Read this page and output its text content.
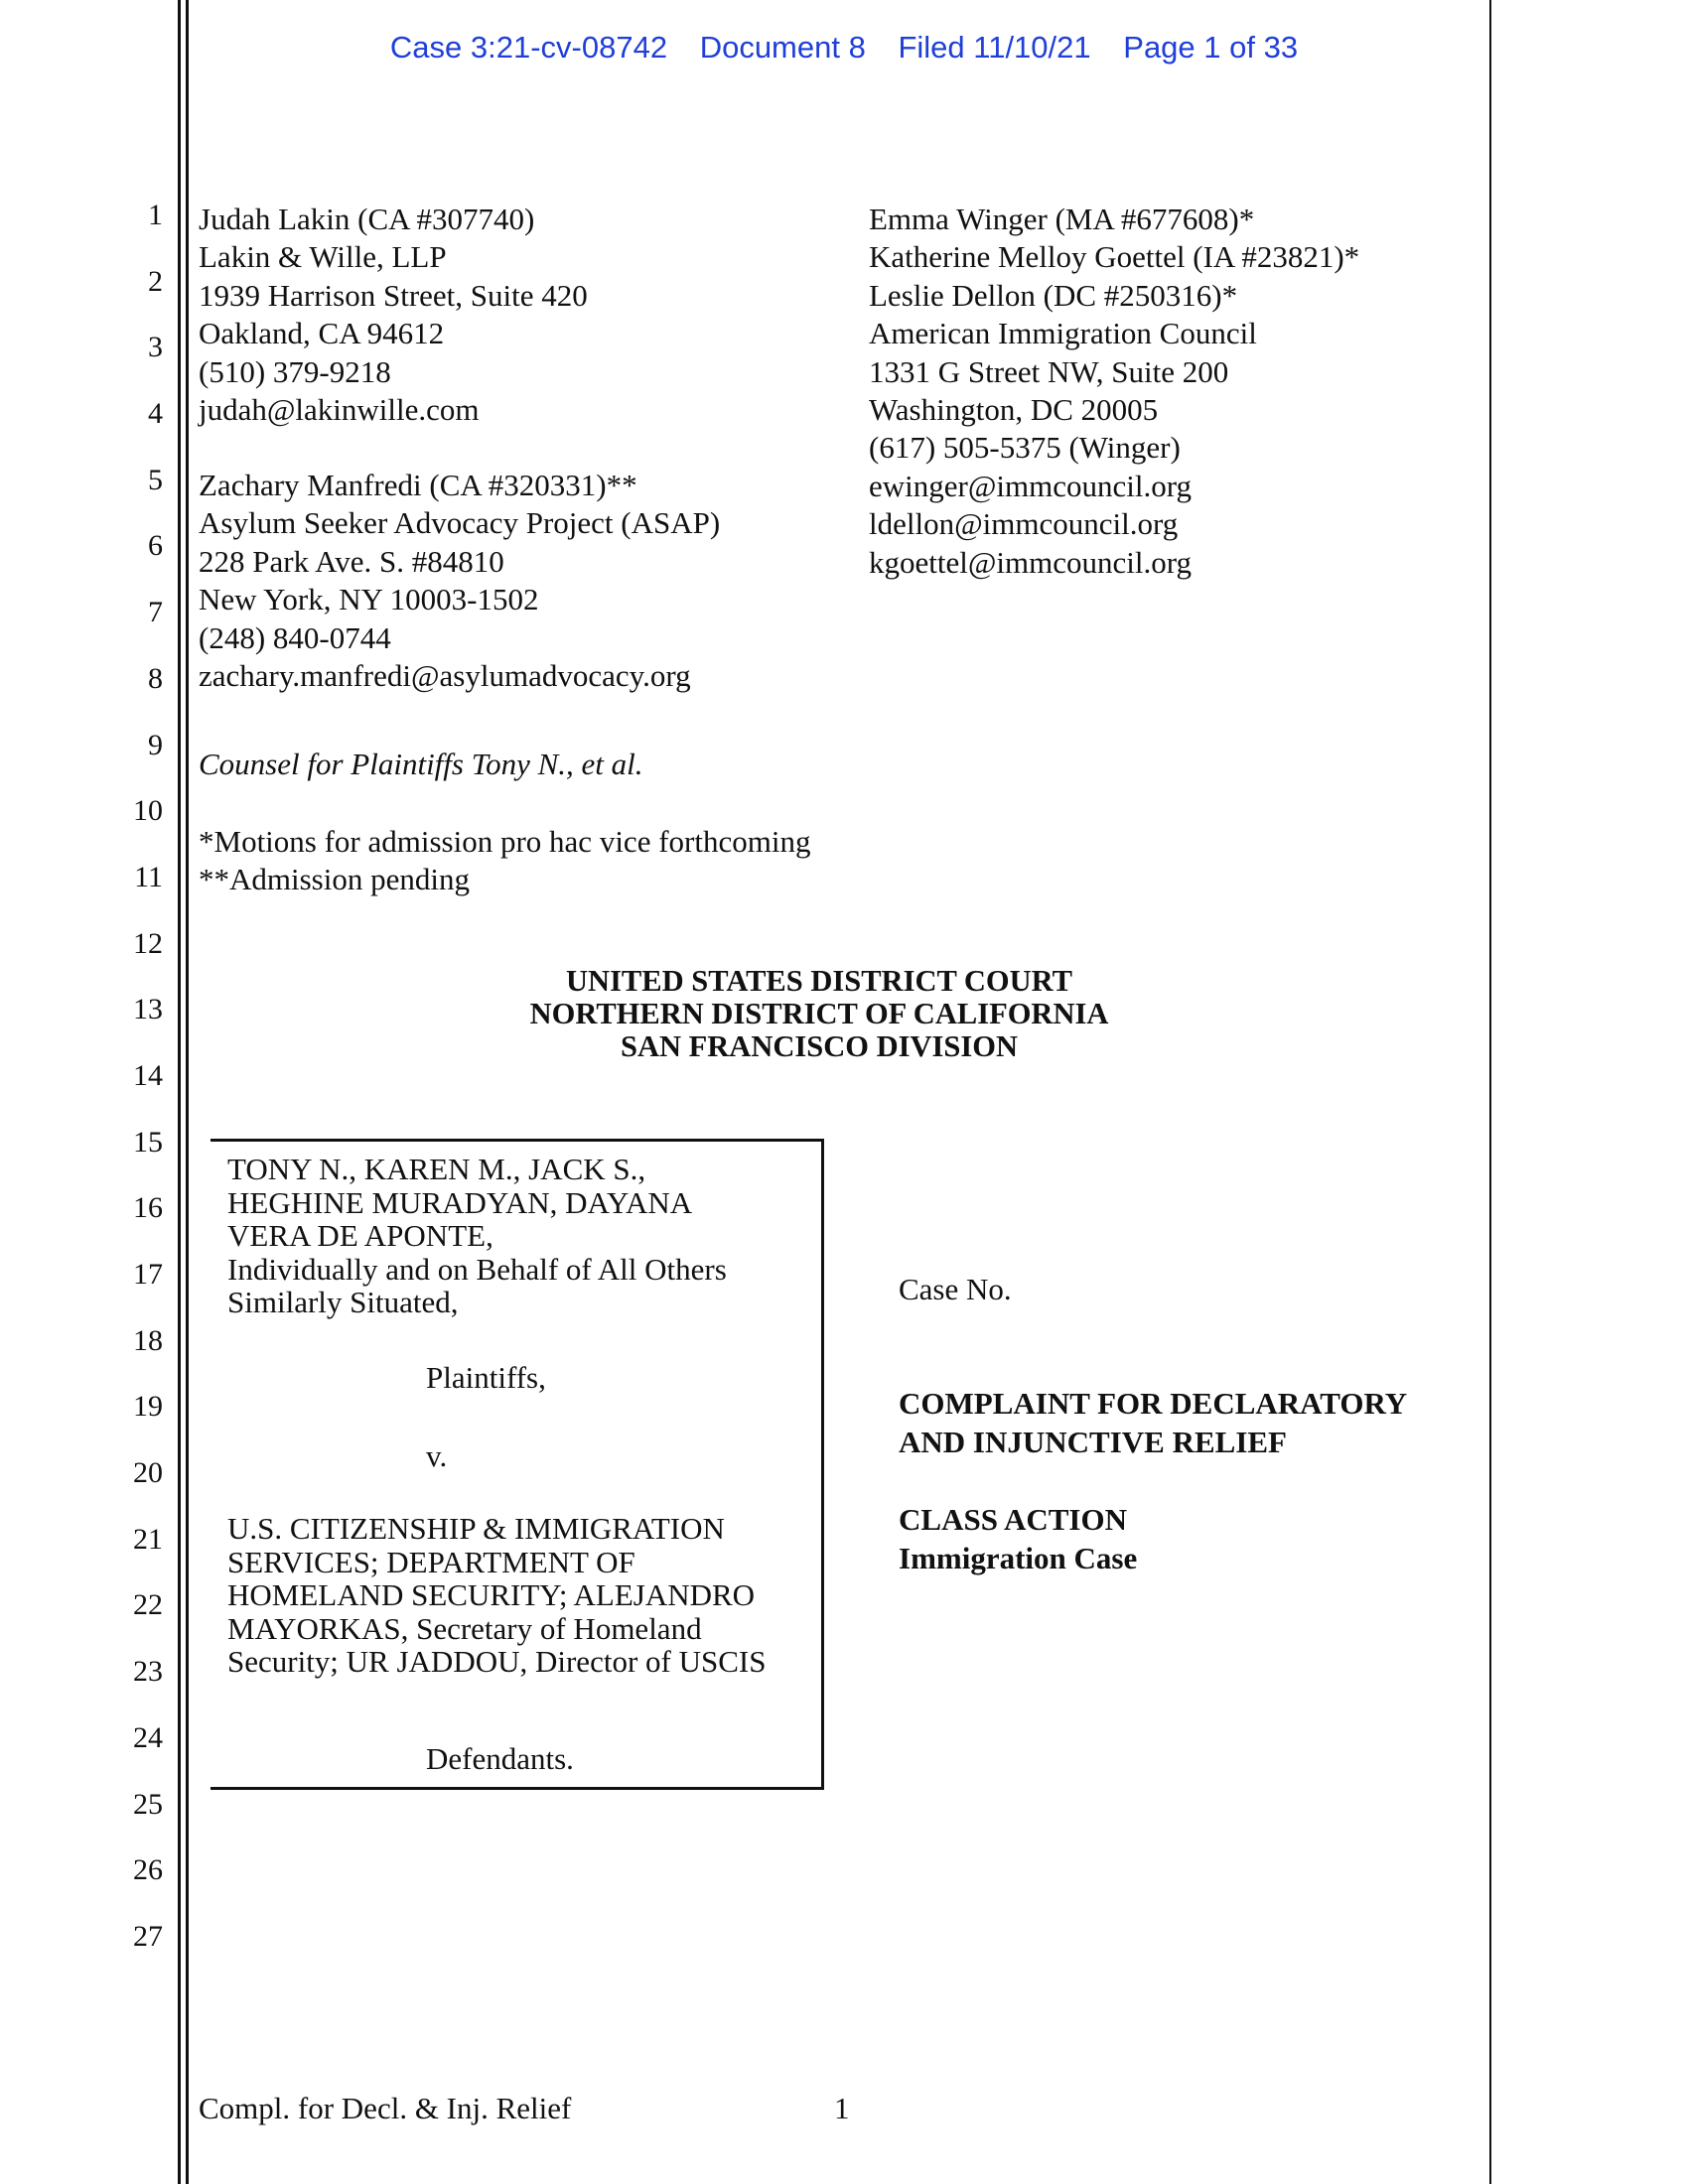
Case 3:21-cv-08742 Document 8 Filed 11/10/21 Page 1 of 33
1
2
3
4
5
6
7
8
9
10
11
12
13
14
15
16
17
18
19
20
21
22
23
24
25
26
27
Judah Lakin (CA #307740)
Lakin & Wille, LLP
1939 Harrison Street, Suite 420
Oakland, CA 94612
(510) 379-9218
judah@lakinwille.com
Zachary Manfredi (CA #320331)**
Asylum Seeker Advocacy Project (ASAP)
228 Park Ave. S. #84810
New York, NY 10003-1502
(248) 840-0744
zachary.manfredi@asylumadvocacy.org
Emma Winger (MA #677608)*
Katherine Melloy Goettel (IA #23821)*
Leslie Dellon (DC #250316)*
American Immigration Council
1331 G Street NW, Suite 200
Washington, DC 20005
(617) 505-5375 (Winger)
ewinger@immcouncil.org
ldellon@immcouncil.org
kgoettel@immcouncil.org
Counsel for Plaintiffs Tony N., et al.
*Motions for admission pro hac vice forthcoming
**Admission pending
UNITED STATES DISTRICT COURT
NORTHERN DISTRICT OF CALIFORNIA
SAN FRANCISCO DIVISION
TONY N., KAREN M., JACK S.,
HEGHINE MURADYAN, DAYANA
VERA DE APONTE,
Individually and on Behalf of All Others
Similarly Situated,
Plaintiffs,
v.
U.S. CITIZENSHIP & IMMIGRATION
SERVICES; DEPARTMENT OF
HOMELAND SECURITY; ALEJANDRO
MAYORKAS, Secretary of Homeland
Security; UR JADDOU, Director of USCIS
Defendants.
Case No.
COMPLAINT FOR DECLARATORY
AND INJUNCTIVE RELIEF
CLASS ACTION
Immigration Case
Compl. for Decl. & Inj. Relief	1
